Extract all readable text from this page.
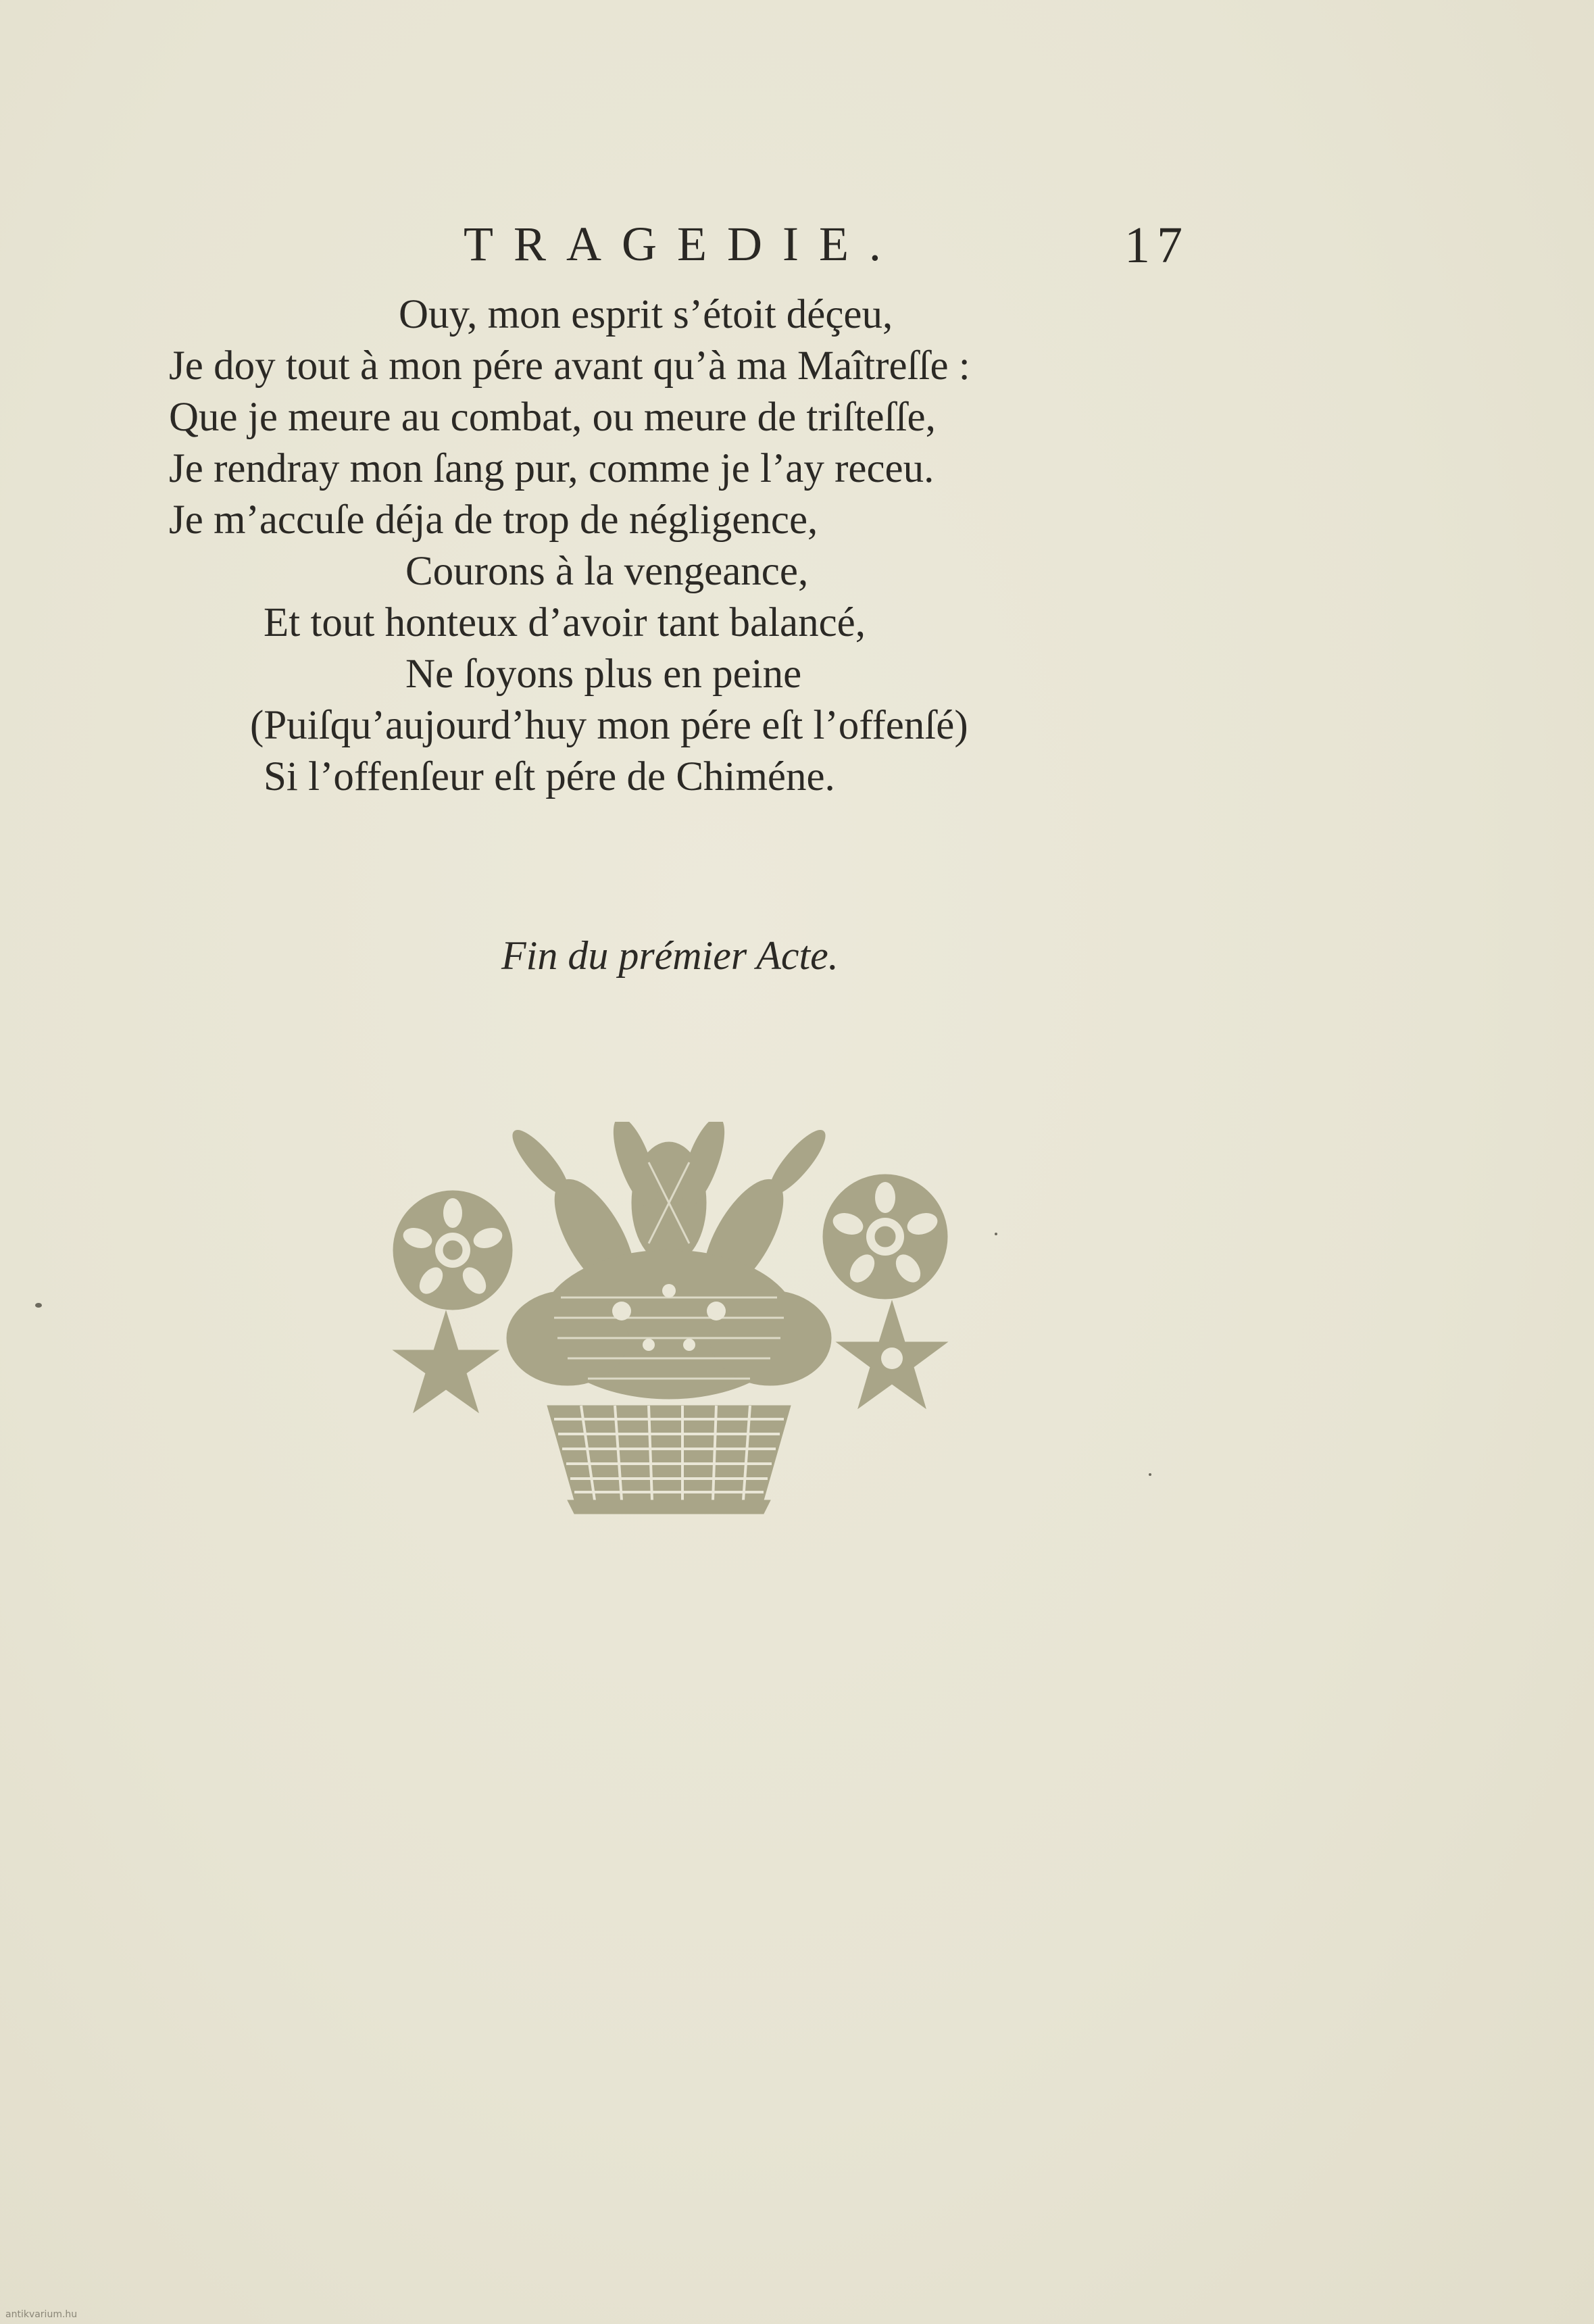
TRAGEDIE.	17
Ouy, mon esprit s’étoit déçeu,
Je doy tout à mon pére avant qu’à ma Maîtreſſe :
Que je meure au combat, ou meure de triſteſſe,
Je rendray mon ſang pur, comme je l’ay receu.
Je m’accuſe déja de trop de négligence,
Courons à la vengeance,
Et tout honteux d’avoir tant balancé,
Ne ſoyons plus en peine
(Puiſqu’aujourd’huy mon pére eſt l’offenſé)
Si l’offenſeur eſt pére de Chiméne.
Fin du prémier Acte.
antikvarium.hu
